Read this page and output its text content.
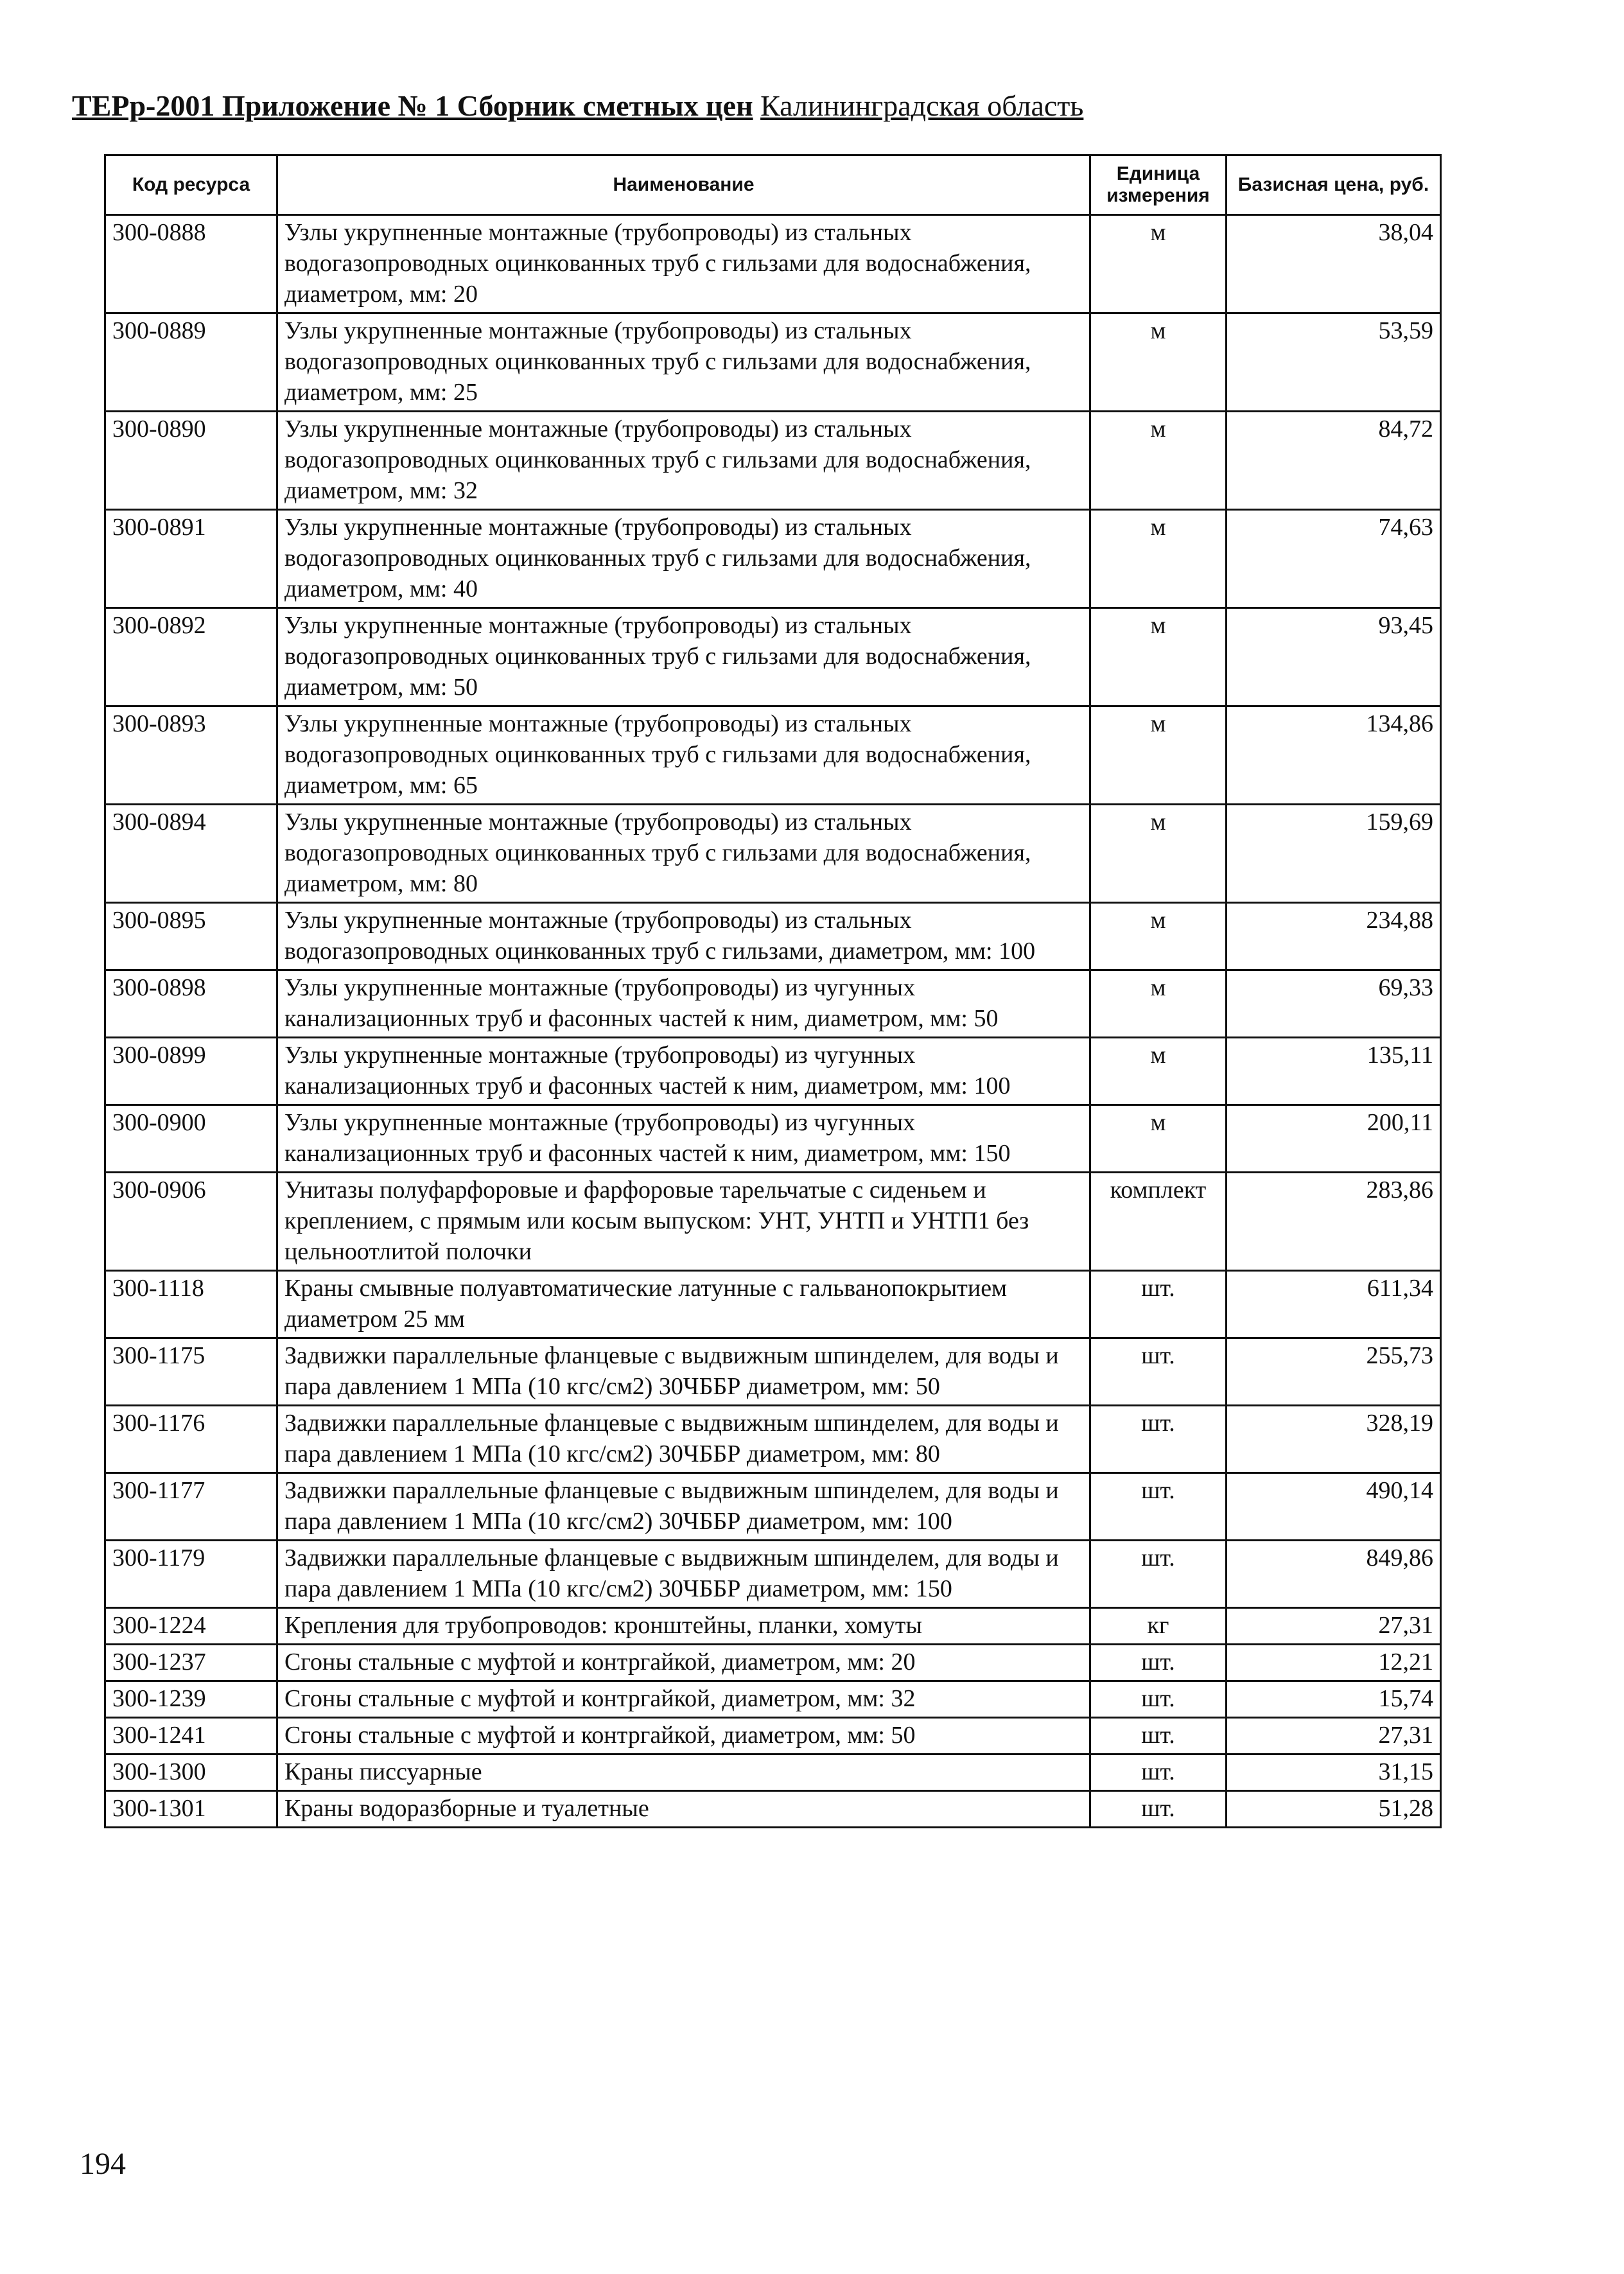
ТЕРр-2001 Приложение № 1 Сборник сметных цен Калининградская область
Код ресурса	Наименование	Единица измерения	Базисная цена, руб.
300-0888	Узлы укрупненные монтажные (трубопроводы) из стальных водогазопроводных оцинкованных труб с гильзами для водоснабжения, диаметром, мм: 20	м	38,04
300-0889	Узлы укрупненные монтажные (трубопроводы) из стальных водогазопроводных оцинкованных труб с гильзами для водоснабжения, диаметром, мм: 25	м	53,59
300-0890	Узлы укрупненные монтажные (трубопроводы) из стальных водогазопроводных оцинкованных труб с гильзами для водоснабжения, диаметром, мм: 32	м	84,72
300-0891	Узлы укрупненные монтажные (трубопроводы) из стальных водогазопроводных оцинкованных труб с гильзами для водоснабжения, диаметром, мм: 40	м	74,63
300-0892	Узлы укрупненные монтажные (трубопроводы) из стальных водогазопроводных оцинкованных труб с гильзами для водоснабжения, диаметром, мм: 50	м	93,45
300-0893	Узлы укрупненные монтажные (трубопроводы) из стальных водогазопроводных оцинкованных труб с гильзами для водоснабжения, диаметром, мм: 65	м	134,86
300-0894	Узлы укрупненные монтажные (трубопроводы) из стальных водогазопроводных оцинкованных труб с гильзами для водоснабжения, диаметром, мм: 80	м	159,69
300-0895	Узлы укрупненные монтажные (трубопроводы) из стальных водогазопроводных оцинкованных труб с гильзами, диаметром, мм: 100	м	234,88
300-0898	Узлы укрупненные монтажные (трубопроводы) из чугунных канализационных труб и фасонных частей к ним, диаметром, мм: 50	м	69,33
300-0899	Узлы укрупненные монтажные (трубопроводы) из чугунных канализационных труб и фасонных частей к ним, диаметром, мм: 100	м	135,11
300-0900	Узлы укрупненные монтажные (трубопроводы) из чугунных канализационных труб и фасонных частей к ним, диаметром, мм: 150	м	200,11
300-0906	Унитазы полуфарфоровые и фарфоровые тарельчатые с сиденьем и креплением, с прямым или косым выпуском: УНТ, УНТП и УНТП1 без цельноотлитой полочки	комплект	283,86
300-1118	Краны смывные полуавтоматические латунные с гальванопокрытием диаметром 25 мм	шт.	611,34
300-1175	Задвижки параллельные фланцевые с выдвижным шпинделем, для воды и пара давлением 1 МПа (10 кгс/см2) 30ЧББР диаметром, мм: 50	шт.	255,73
300-1176	Задвижки параллельные фланцевые с выдвижным шпинделем, для воды и пара давлением 1 МПа (10 кгс/см2) 30ЧББР диаметром, мм: 80	шт.	328,19
300-1177	Задвижки параллельные фланцевые с выдвижным шпинделем, для воды и пара давлением 1 МПа (10 кгс/см2) 30ЧББР диаметром, мм: 100	шт.	490,14
300-1179	Задвижки параллельные фланцевые с выдвижным шпинделем, для воды и пара давлением 1 МПа (10 кгс/см2) 30ЧББР диаметром, мм: 150	шт.	849,86
300-1224	Крепления для трубопроводов: кронштейны, планки, хомуты	кг	27,31
300-1237	Сгоны стальные с муфтой и контргайкой, диаметром, мм: 20	шт.	12,21
300-1239	Сгоны стальные с муфтой и контргайкой, диаметром, мм: 32	шт.	15,74
300-1241	Сгоны стальные с муфтой и контргайкой, диаметром, мм: 50	шт.	27,31
300-1300	Краны писсуарные	шт.	31,15
300-1301	Краны водоразборные и туалетные	шт.	51,28
194
